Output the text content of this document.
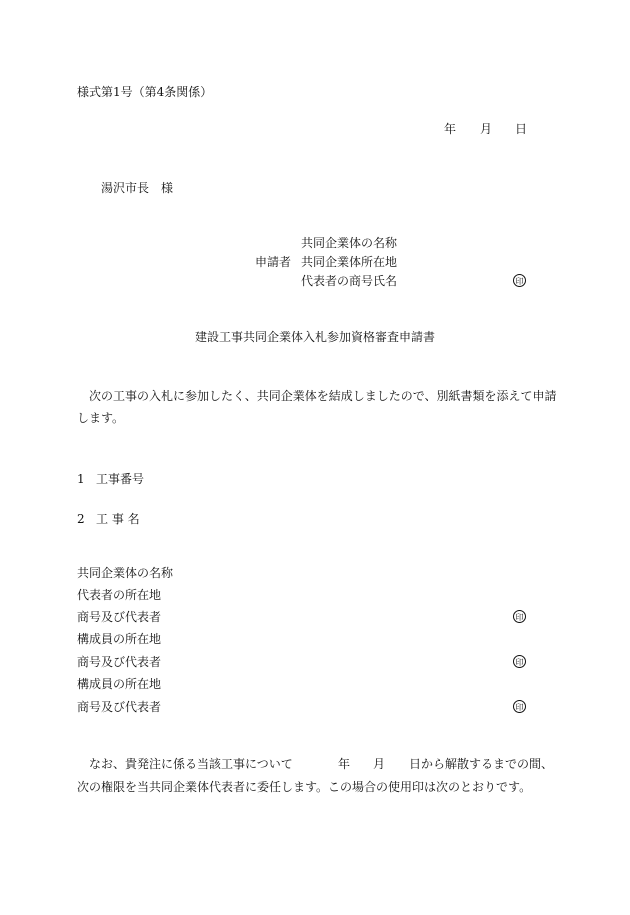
様式第1号（第4条関係）
年 月 日
湯沢市長　様
共同企業体の名称
申請者 共同企業体所在地
代表者の商号氏名	印
建設工事共同企業体入札参加資格審査申請書
次の工事の入札に参加したく、共同企業体を結成しましたので、別紙書類を添えて申請
します。
1 工事番号
2 工 事 名
共同企業体の名称
代表者の所在地
商号及び代表者	印
構成員の所在地
商号及び代表者	印
構成員の所在地
商号及び代表者	印
なお、貴発注に係る当該工事について	年 月 日から解散するまでの間、
次の権限を当共同企業体代表者に委任します。この場合の使用印は次のとおりです。
